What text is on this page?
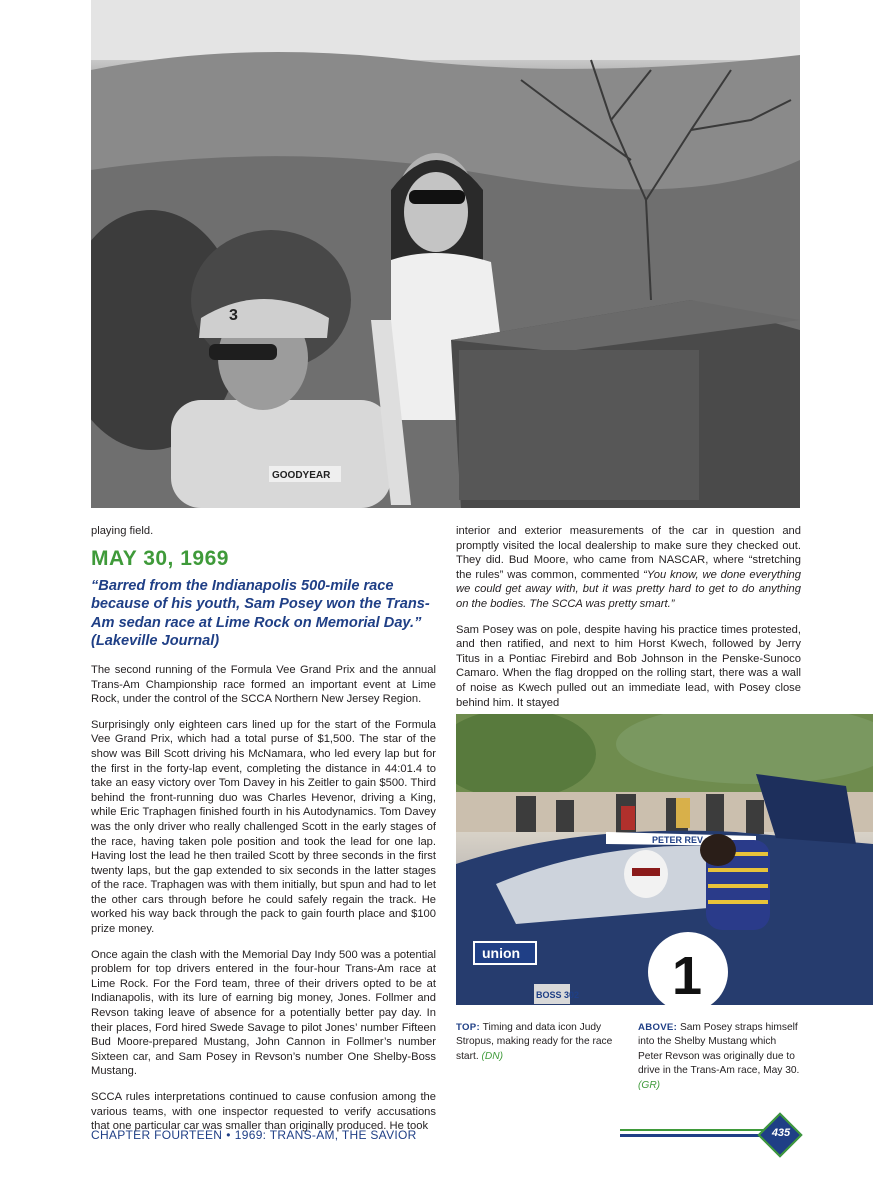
3
GOODYEAR

playing field.

MAY 30, 1969
“Barred from the Indianapolis 500-mile race because of his youth, Sam Posey won the Trans-Am sedan race at Lime Rock on Memorial Day.” (Lakeville Journal)

The second running of the Formula Vee Grand Prix and the annual Trans-Am Championship race formed an important event at Lime Rock, under the control of the SCCA Northern New Jersey Region.

Surprisingly only eighteen cars lined up for the start of the Formula Vee Grand Prix, which had a total purse of $1,500. The star of the show was Bill Scott driving his McNamara, who led every lap but for the first in the forty-lap event, completing the distance in 44:01.4 to take an easy victory over Tom Davey in his Zeitler to gain $500. Third behind the front-running duo was Charles Hevenor, driving a King, while Eric Traphagen finished fourth in his Autodynamics. Tom Davey was the only driver who really challenged Scott in the early stages of the race, having taken pole position and took the lead for one lap. Having lost the lead he then trailed Scott by three seconds in the first twenty laps, but the gap extended to six seconds in the latter stages of the race. Traphagen was with them initially, but spun and had to let the other cars through before he could safely regain the track. He worked his way back through the pack to gain fourth place and $100 prize money.

Once again the clash with the Memorial Day Indy 500 was a potential problem for top drivers entered in the four-hour Trans-Am race at Lime Rock. For the Ford team, three of their drivers opted to be at Indianapolis, with its lure of earning big money, Jones. Follmer and Revson taking leave of absence for a potentially better pay day. In their places, Ford hired Swede Savage to pilot Jones’ number Fifteen Bud Moore-prepared Mustang, John Cannon in Follmer’s number Sixteen car, and Sam Posey in Revson’s number One Shelby-Boss Mustang.

SCCA rules interpretations continued to cause confusion among the various teams, with one inspector requested to verify accusations that one particular car was smaller than originally produced. He took

interior and exterior measurements of the car in question and promptly visited the local dealership to make sure they checked out. They did. Bud Moore, who came from NASCAR, where “stretching the rules” was common, commented “You know, we done everything we could get away with, but it was pretty hard to get to do anything on the bodies. The SCCA was pretty smart.”

Sam Posey was on pole, despite having his practice times protested, and then ratified, and next to him Horst Kwech, followed by Jerry Titus in a Pontiac Firebird and Bob Johnson in the Penske-Sunoco Camaro. When the flag dropped on the rolling start, there was a wall of noise as Kwech pulled out an immediate lead, with Posey close behind him. It stayed

PETER REV
1
union
BOSS 302
TOP: Timing and data icon Judy Stropus, making ready for the race start. (DN)
ABOVE: Sam Posey straps himself into the Shelby Mustang which Peter Revson was originally due to drive in the Trans-Am race, May 30. (GR)
CHAPTER FOURTEEN • 1969: TRANS-AM, THE SAVIOR	435
